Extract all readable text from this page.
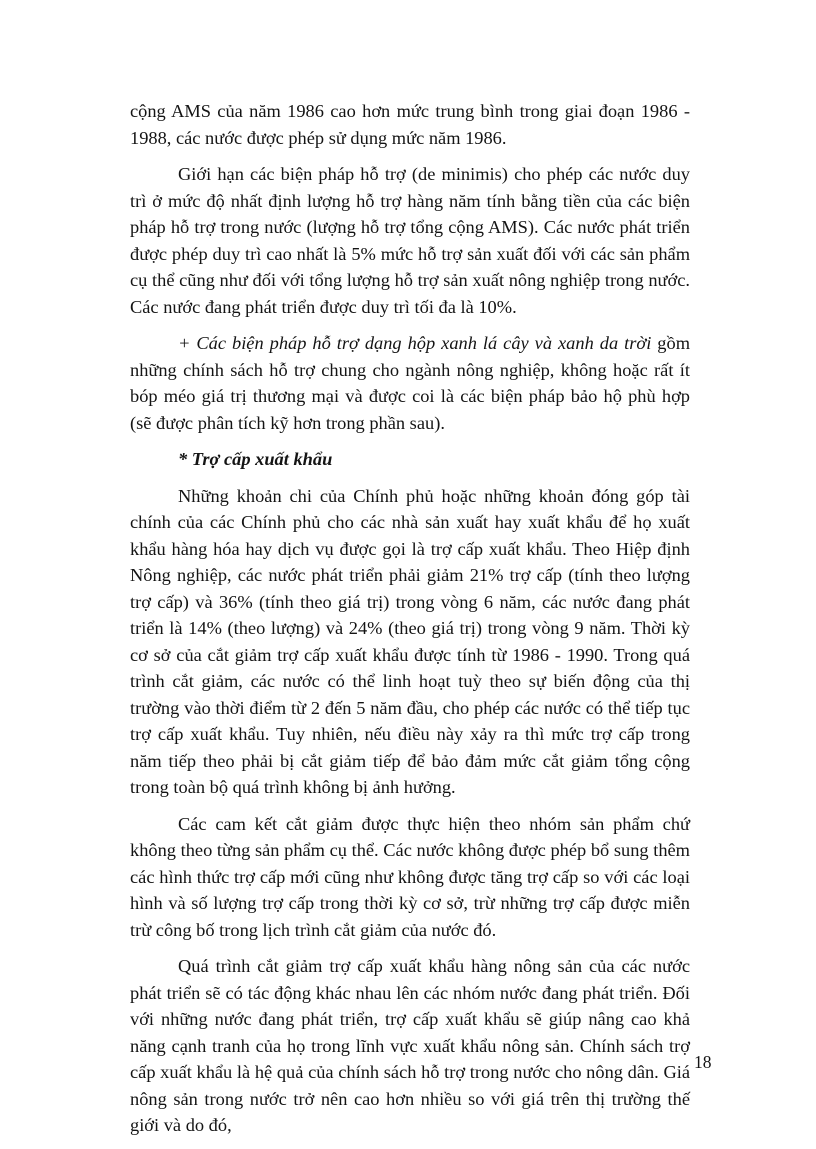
cộng AMS của năm 1986 cao hơn mức trung bình trong giai đoạn 1986 - 1988, các nước được phép sử dụng mức năm 1986.

Giới hạn các biện pháp hỗ trợ (de minimis) cho phép các nước duy trì ở mức độ nhất định lượng hỗ trợ hàng năm tính bằng tiền của các biện pháp hỗ trợ trong nước (lượng hỗ trợ tổng cộng AMS). Các nước phát triển được phép duy trì cao nhất là 5% mức hỗ trợ sản xuất đối với các sản phẩm cụ thể cũng như đối với tổng lượng hỗ trợ sản xuất nông nghiệp trong nước. Các nước đang phát triển được duy trì tối đa là 10%.

+ Các biện pháp hỗ trợ dạng hộp xanh lá cây và xanh da trời gồm những chính sách hỗ trợ chung cho ngành nông nghiệp, không hoặc rất ít bóp méo giá trị thương mại và được coi là các biện pháp bảo hộ phù hợp (sẽ được phân tích kỹ hơn trong phần sau).

* Trợ cấp xuất khẩu

Những khoản chi của Chính phủ hoặc những khoản đóng góp tài chính của các Chính phủ cho các nhà sản xuất hay xuất khẩu để họ xuất khẩu hàng hóa hay dịch vụ được gọi là trợ cấp xuất khẩu. Theo Hiệp định Nông nghiệp, các nước phát triển phải giảm 21% trợ cấp (tính theo lượng trợ cấp) và 36% (tính theo giá trị) trong vòng 6 năm, các nước đang phát triển là 14% (theo lượng) và 24% (theo giá trị) trong vòng 9 năm. Thời kỳ cơ sở của cắt giảm trợ cấp xuất khẩu được tính từ 1986 - 1990. Trong quá trình cắt giảm, các nước có thể linh hoạt tuỳ theo sự biến động của thị trường vào thời điểm từ 2 đến 5 năm đầu, cho phép các nước có thể tiếp tục trợ cấp xuất khẩu. Tuy nhiên, nếu điều này xảy ra thì mức trợ cấp trong năm tiếp theo phải bị cắt giảm tiếp để bảo đảm mức cắt giảm tổng cộng trong toàn bộ quá trình không bị ảnh hưởng.

Các cam kết cắt giảm được thực hiện theo nhóm sản phẩm chứ không theo từng sản phẩm cụ thể. Các nước không được phép bổ sung thêm các hình thức trợ cấp mới cũng như không được tăng trợ cấp so với các loại hình và số lượng trợ cấp trong thời kỳ cơ sở, trừ những trợ cấp được miễn trừ công bố trong lịch trình cắt giảm của nước đó.

Quá trình cắt giảm trợ cấp xuất khẩu hàng nông sản của các nước phát triển sẽ có tác động khác nhau lên các nhóm nước đang phát triển. Đối với những nước đang phát triển, trợ cấp xuất khẩu sẽ giúp nâng cao khả năng cạnh tranh của họ trong lĩnh vực xuất khẩu nông sản. Chính sách trợ cấp xuất khẩu là hệ quả của chính sách hỗ trợ trong nước cho nông dân. Giá nông sản trong nước trở nên cao hơn nhiều so với giá trên thị trường thế giới và do đó,

18
